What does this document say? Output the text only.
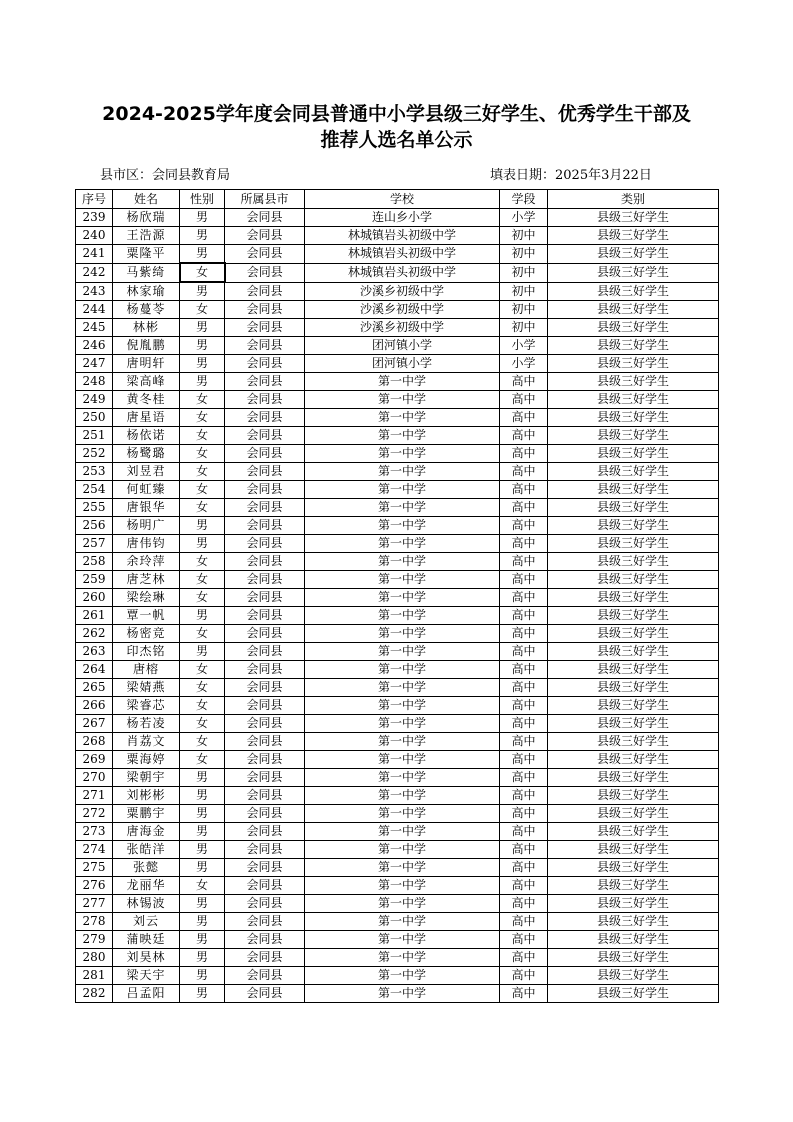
2024-2025学年度会同县普通中小学县级三好学生、优秀学生干部及
推荐人选名单公示
县市区：会同县教育局	填表日期：2025年3月22日
序号	姓名	性别	所属县市	学校	学段	类别
239	杨欣瑞	男	会同县	连山乡小学	小学	县级三好学生
240	王浩源	男	会同县	林城镇岩头初级中学	初中	县级三好学生
241	粟隆平	男	会同县	林城镇岩头初级中学	初中	县级三好学生
242	马紫绮	女	会同县	林城镇岩头初级中学	初中	县级三好学生
243	林家瑜	男	会同县	沙溪乡初级中学	初中	县级三好学生
244	杨蔓苓	女	会同县	沙溪乡初级中学	初中	县级三好学生
245	林彬	男	会同县	沙溪乡初级中学	初中	县级三好学生
246	倪胤鹏	男	会同县	团河镇小学	小学	县级三好学生
247	唐明轩	男	会同县	团河镇小学	小学	县级三好学生
248	梁高峰	男	会同县	第一中学	高中	县级三好学生
249	黄冬桂	女	会同县	第一中学	高中	县级三好学生
250	唐星语	女	会同县	第一中学	高中	县级三好学生
251	杨依诺	女	会同县	第一中学	高中	县级三好学生
252	杨鹭璐	女	会同县	第一中学	高中	县级三好学生
253	刘昱君	女	会同县	第一中学	高中	县级三好学生
254	何虹臻	女	会同县	第一中学	高中	县级三好学生
255	唐银华	女	会同县	第一中学	高中	县级三好学生
256	杨明广	男	会同县	第一中学	高中	县级三好学生
257	唐伟钧	男	会同县	第一中学	高中	县级三好学生
258	余玲萍	女	会同县	第一中学	高中	县级三好学生
259	唐芝林	女	会同县	第一中学	高中	县级三好学生
260	梁绘琳	女	会同县	第一中学	高中	县级三好学生
261	覃一帆	男	会同县	第一中学	高中	县级三好学生
262	杨密竞	女	会同县	第一中学	高中	县级三好学生
263	印杰铭	男	会同县	第一中学	高中	县级三好学生
264	唐榕	女	会同县	第一中学	高中	县级三好学生
265	梁婧燕	女	会同县	第一中学	高中	县级三好学生
266	梁睿芯	女	会同县	第一中学	高中	县级三好学生
267	杨若凌	女	会同县	第一中学	高中	县级三好学生
268	肖荔文	女	会同县	第一中学	高中	县级三好学生
269	粟海婷	女	会同县	第一中学	高中	县级三好学生
270	梁朝宇	男	会同县	第一中学	高中	县级三好学生
271	刘彬彬	男	会同县	第一中学	高中	县级三好学生
272	粟鹏宇	男	会同县	第一中学	高中	县级三好学生
273	唐海金	男	会同县	第一中学	高中	县级三好学生
274	张皓洋	男	会同县	第一中学	高中	县级三好学生
275	张懿	男	会同县	第一中学	高中	县级三好学生
276	龙丽华	女	会同县	第一中学	高中	县级三好学生
277	林锡波	男	会同县	第一中学	高中	县级三好学生
278	刘云	男	会同县	第一中学	高中	县级三好学生
279	蒲映廷	男	会同县	第一中学	高中	县级三好学生
280	刘昊林	男	会同县	第一中学	高中	县级三好学生
281	梁天宇	男	会同县	第一中学	高中	县级三好学生
282	吕孟阳	男	会同县	第一中学	高中	县级三好学生
